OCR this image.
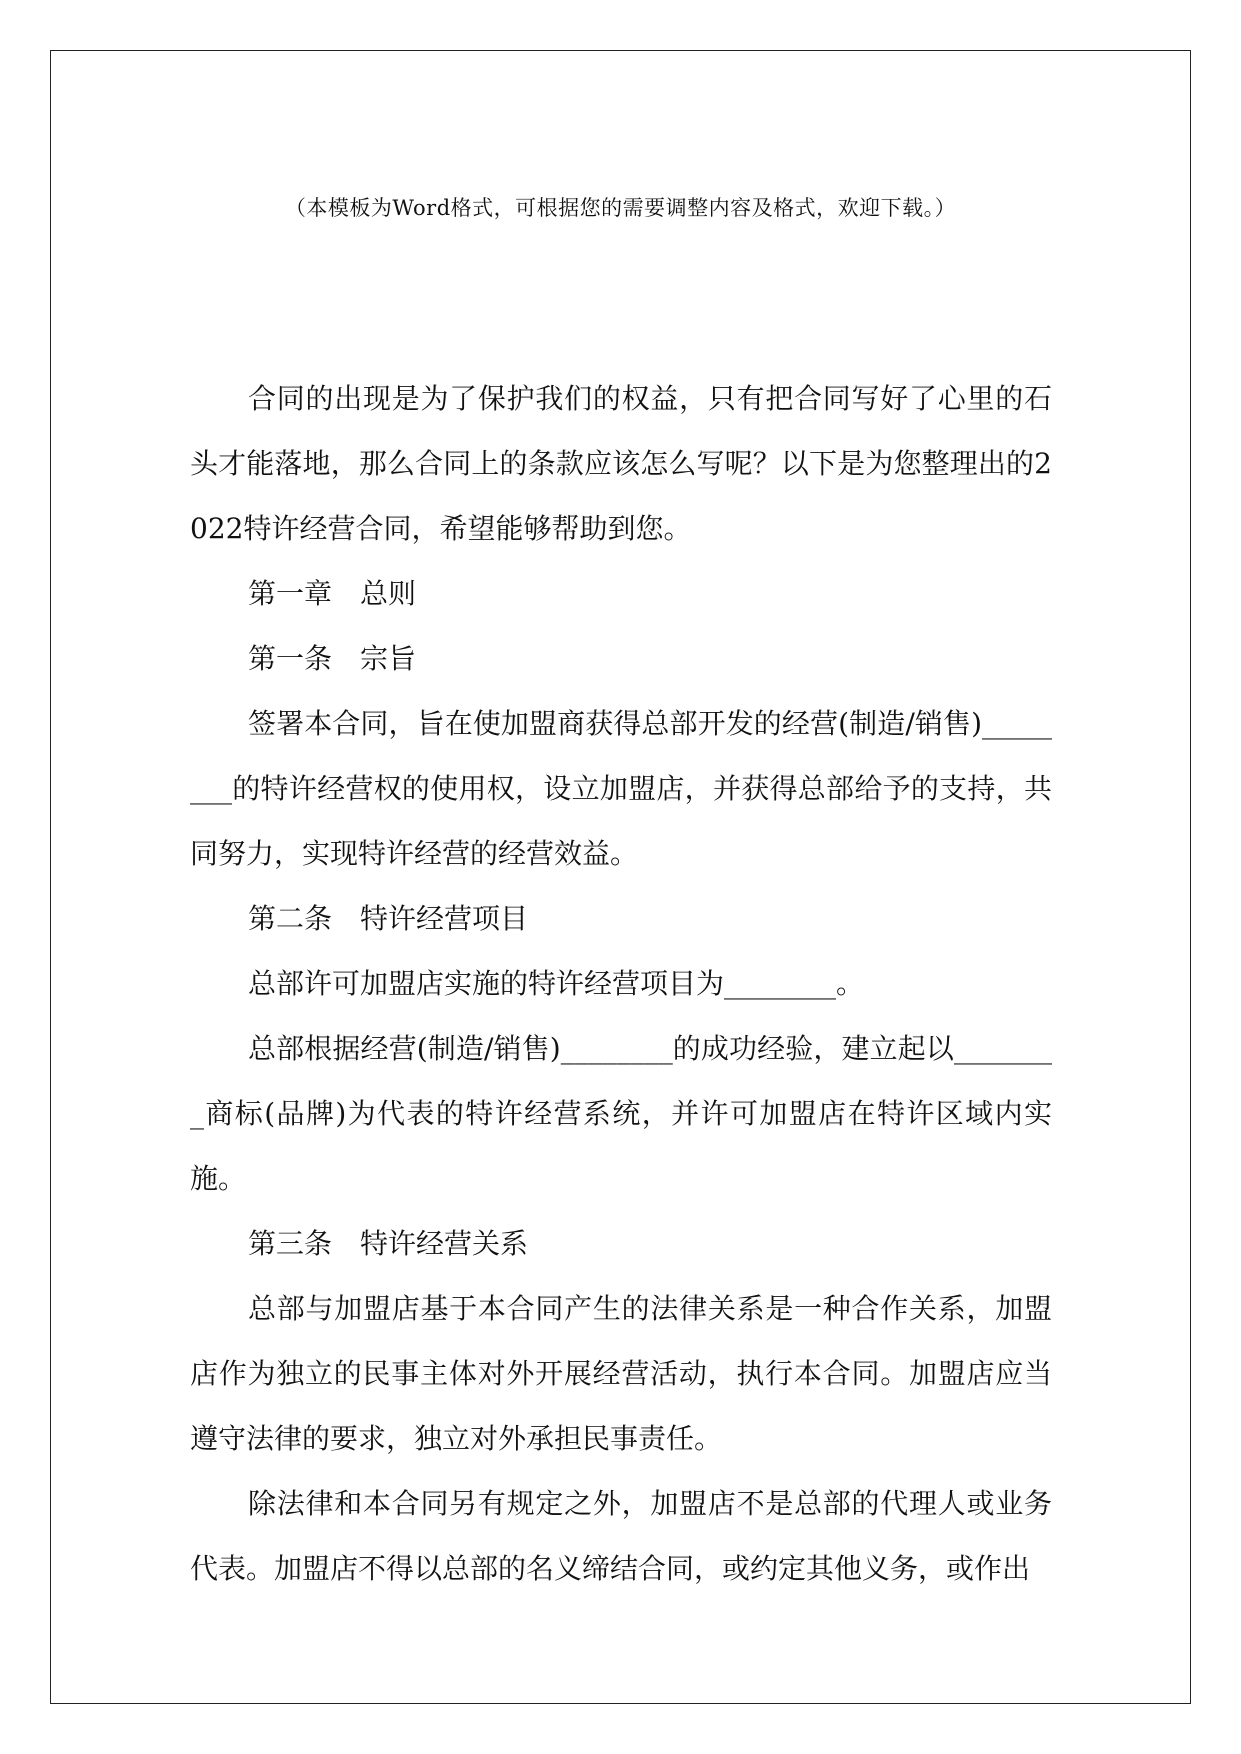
（本模板为Word格式，可根据您的需要调整内容及格式，欢迎下载。）

合同的出现是为了保护我们的权益，只有把合同写好了心里的石头才能落地，那么合同上的条款应该怎么写呢？以下是为您整理出的2022特许经营合同，希望能够帮助到您。

第一章　总则

第一条　宗旨

签署本合同，旨在使加盟商获得总部开发的经营(制造/销售)________的特许经营权的使用权，设立加盟店，并获得总部给予的支持，共同努力，实现特许经营的经营效益。

第二条　特许经营项目

总部许可加盟店实施的特许经营项目为________。

总部根据经营(制造/销售)________的成功经验，建立起以________商标(品牌)为代表的特许经营系统，并许可加盟店在特许区域内实施。

第三条　特许经营关系

总部与加盟店基于本合同产生的法律关系是一种合作关系，加盟店作为独立的民事主体对外开展经营活动，执行本合同。加盟店应当遵守法律的要求，独立对外承担民事责任。

除法律和本合同另有规定之外，加盟店不是总部的代理人或业务代表。加盟店不得以总部的名义缔结合同，或约定其他义务，或作出
